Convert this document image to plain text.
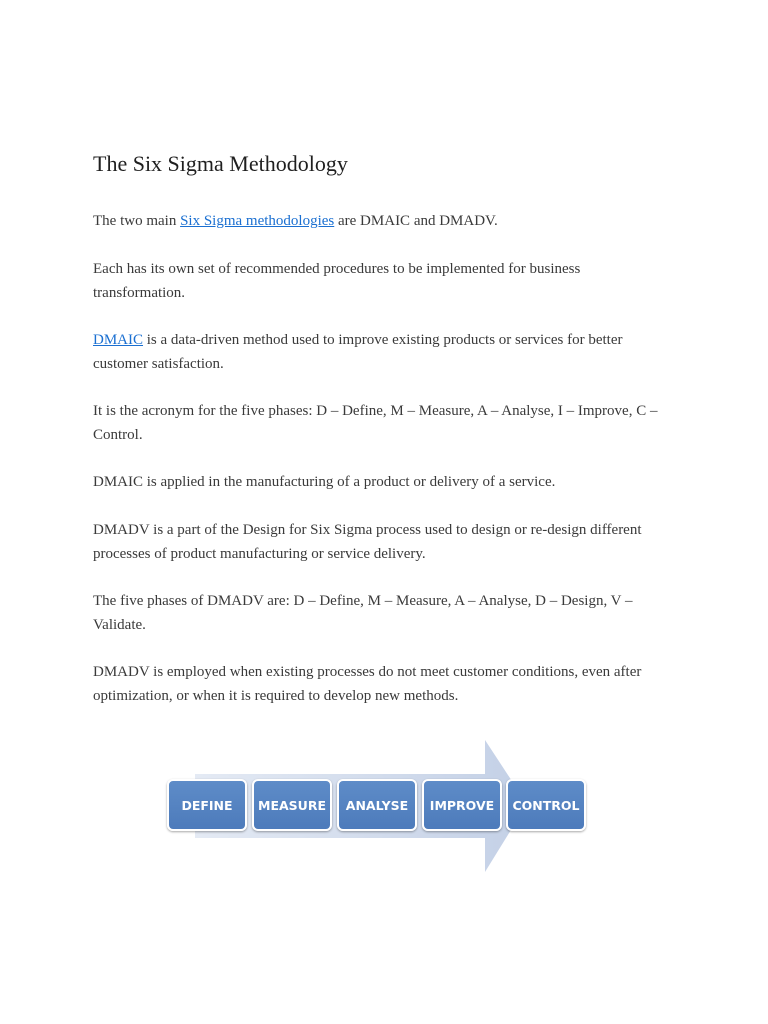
The Six Sigma Methodology

The two main Six Sigma methodologies are DMAIC and DMADV.

Each has its own set of recommended procedures to be implemented for business transformation.

DMAIC is a data-driven method used to improve existing products or services for better customer satisfaction.

It is the acronym for the five phases: D – Define, M – Measure, A – Analyse, I – Improve, C – Control.

DMAIC is applied in the manufacturing of a product or delivery of a service.

DMADV is a part of the Design for Six Sigma process used to design or re-design different processes of product manufacturing or service delivery.

The five phases of DMADV are: D – Define, M – Measure, A – Analyse, D – Design, V – Validate.

DMADV is employed when existing processes do not meet customer conditions, even after optimization, or when it is required to develop new methods.

DEFINE	MEASURE	ANALYSE	IMPROVE	CONTROL
